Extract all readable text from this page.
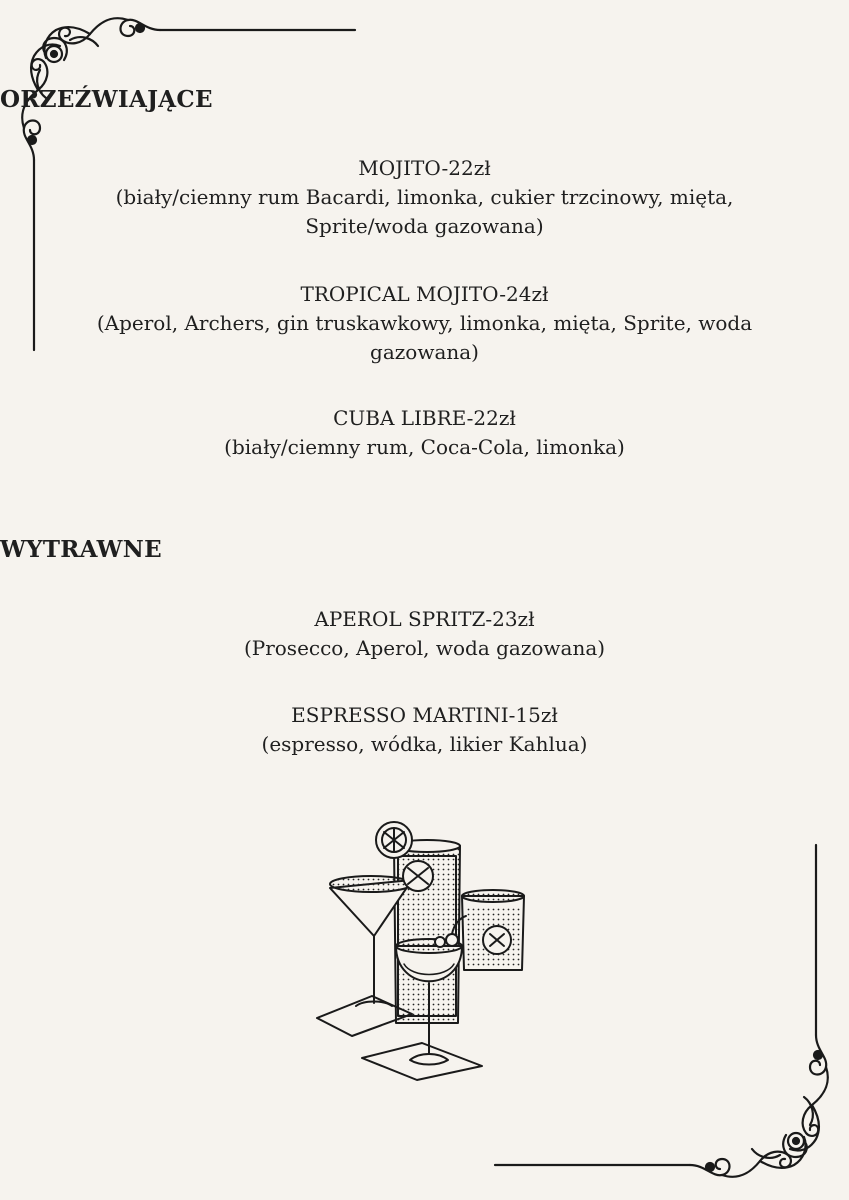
ORZEŹWIAJĄCE

MOJITO-22zł

(biały/ciemny rum Bacardi, limonka, cukier trzcinowy, mięta, Sprite/woda gazowana)

TROPICAL MOJITO-24zł

(Aperol, Archers, gin truskawkowy, limonka, mięta, Sprite, woda gazowana)

CUBA LIBRE-22zł

(biały/ciemny rum, Coca-Cola, limonka)

WYTRAWNE

APEROL SPRITZ-23zł

(Prosecco, Aperol, woda gazowana)

ESPRESSO MARTINI-15zł

(espresso, wódka, likier Kahlua)
